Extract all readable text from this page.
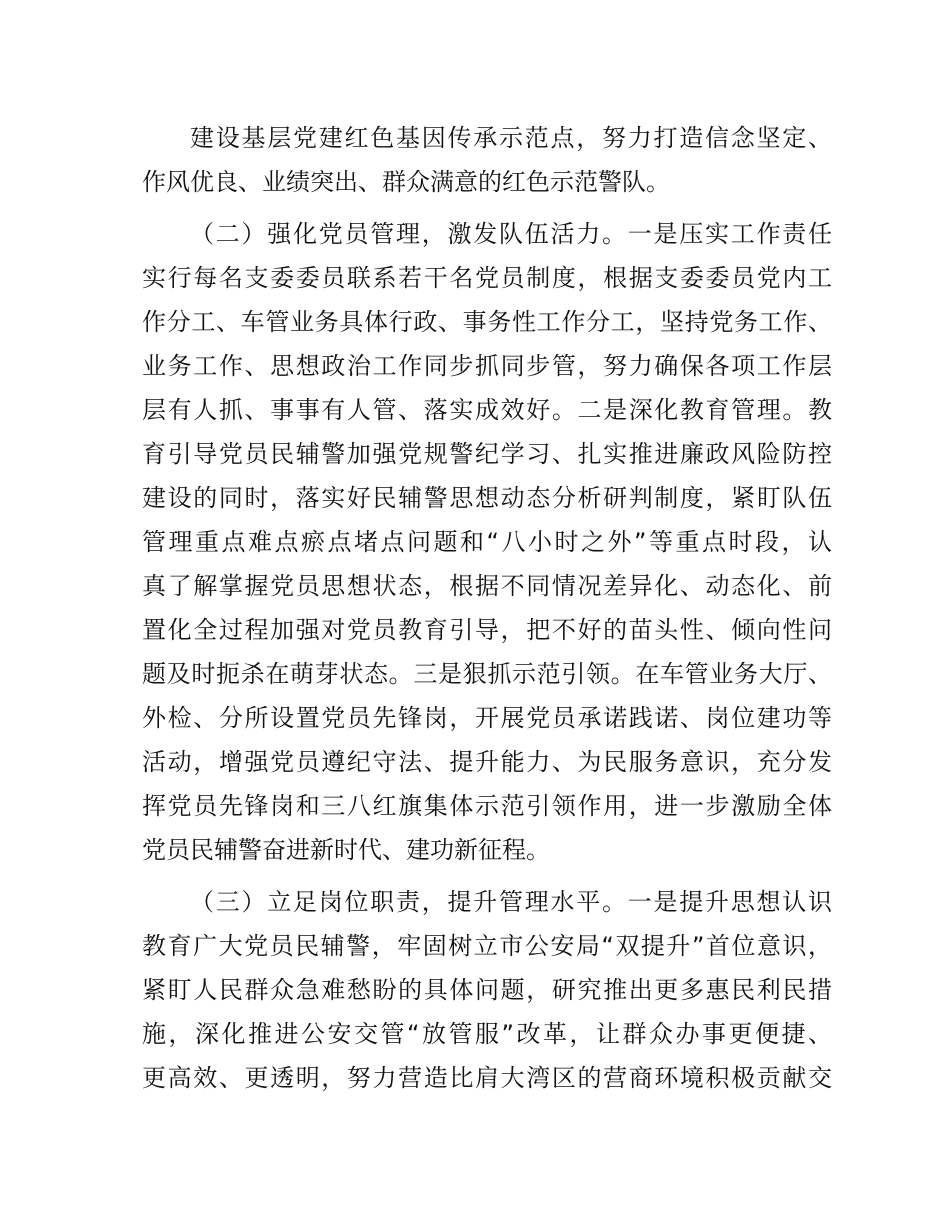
建设基层党建红色基因传承示范点，努力打造信念坚定、
作风优良、业绩突出、群众满意的红色示范警队。
（二）强化党员管理，激发队伍活力。一是压实工作责任
实行每名支委委员联系若干名党员制度，根据支委委员党内工
作分工、车管业务具体行政、事务性工作分工，坚持党务工作、
业务工作、思想政治工作同步抓同步管，努力确保各项工作层
层有人抓、事事有人管、落实成效好。二是深化教育管理。教
育引导党员民辅警加强党规警纪学习、扎实推进廉政风险防控
建设的同时，落实好民辅警思想动态分析研判制度，紧盯队伍
管理重点难点瘀点堵点问题和“八小时之外”等重点时段，认
真了解掌握党员思想状态，根据不同情况差异化、动态化、前
置化全过程加强对党员教育引导，把不好的苗头性、倾向性问
题及时扼杀在萌芽状态。三是狠抓示范引领。在车管业务大厅、
外检、分所设置党员先锋岗，开展党员承诺践诺、岗位建功等
活动，增强党员遵纪守法、提升能力、为民服务意识，充分发
挥党员先锋岗和三八红旗集体示范引领作用，进一步激励全体
党员民辅警奋进新时代、建功新征程。
（三）立足岗位职责，提升管理水平。一是提升思想认识
教育广大党员民辅警，牢固树立市公安局“双提升”首位意识，
紧盯人民群众急难愁盼的具体问题，研究推出更多惠民利民措
施，深化推进公安交管“放管服”改革，让群众办事更便捷、
更高效、更透明，努力营造比肩大湾区的营商环境积极贡献交
